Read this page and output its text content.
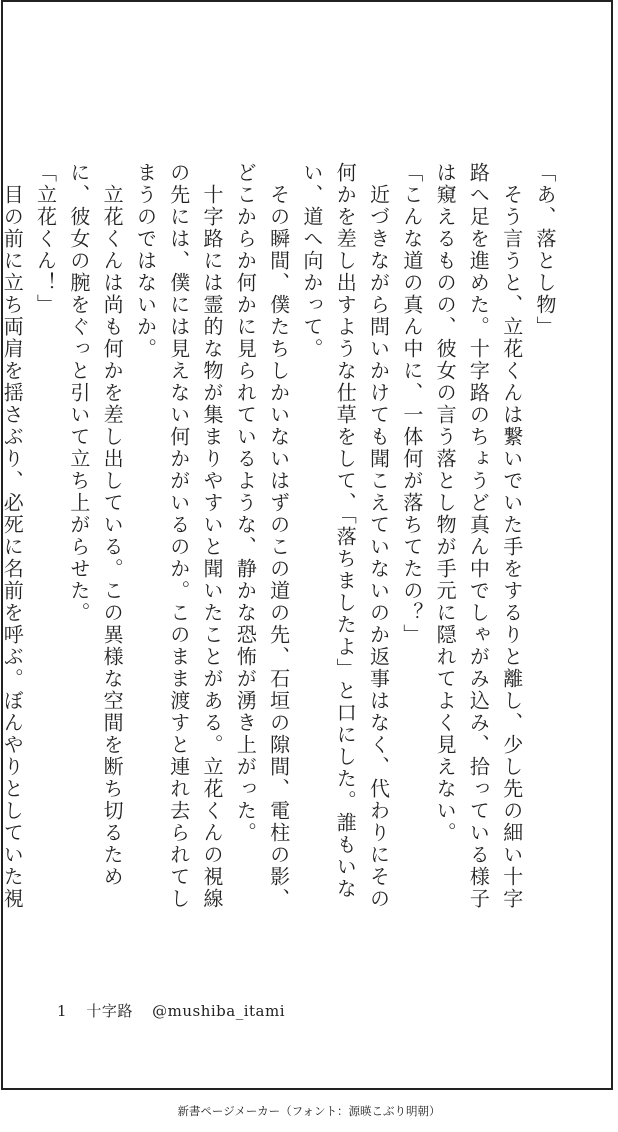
「あ、落とし物」

　そう言うと、立花くんは繋いでいた手をするりと離し、少し先の細い十字路へ足を進めた。十字路のちょうど真ん中でしゃがみ込み、拾っている様子は窺えるものの、彼女の言う落とし物が手元に隠れてよく見えない。

「こんな道の真ん中に、一体何が落ちてたの？」

　近づきながら問いかけても聞こえていないのか返事はなく、代わりにその何かを差し出すような仕草をして、「落ちましたよ」と口にした。誰もいない、道へ向かって。

　その瞬間、僕たちしかいないはずのこの道の先、石垣の隙間、電柱の影、どこからか何かに見られているような、静かな恐怖が湧き上がった。

　十字路には霊的な物が集まりやすいと聞いたことがある。立花くんの視線の先には、僕には見えない何かがいるのか。このまま渡すと連れ去られてしまうのではないか。

　立花くんは尚も何かを差し出している。この異様な空間を断ち切るために、彼女の腕をぐっと引いて立ち上がらせた。

「立花くん！」

　目の前に立ち両肩を揺さぶり、必死に名前を呼ぶ。ぼんやりとしていた視

1 十字路 @mushiba_itami
新書ページメーカー（フォント：源暎こぶり明朝）
